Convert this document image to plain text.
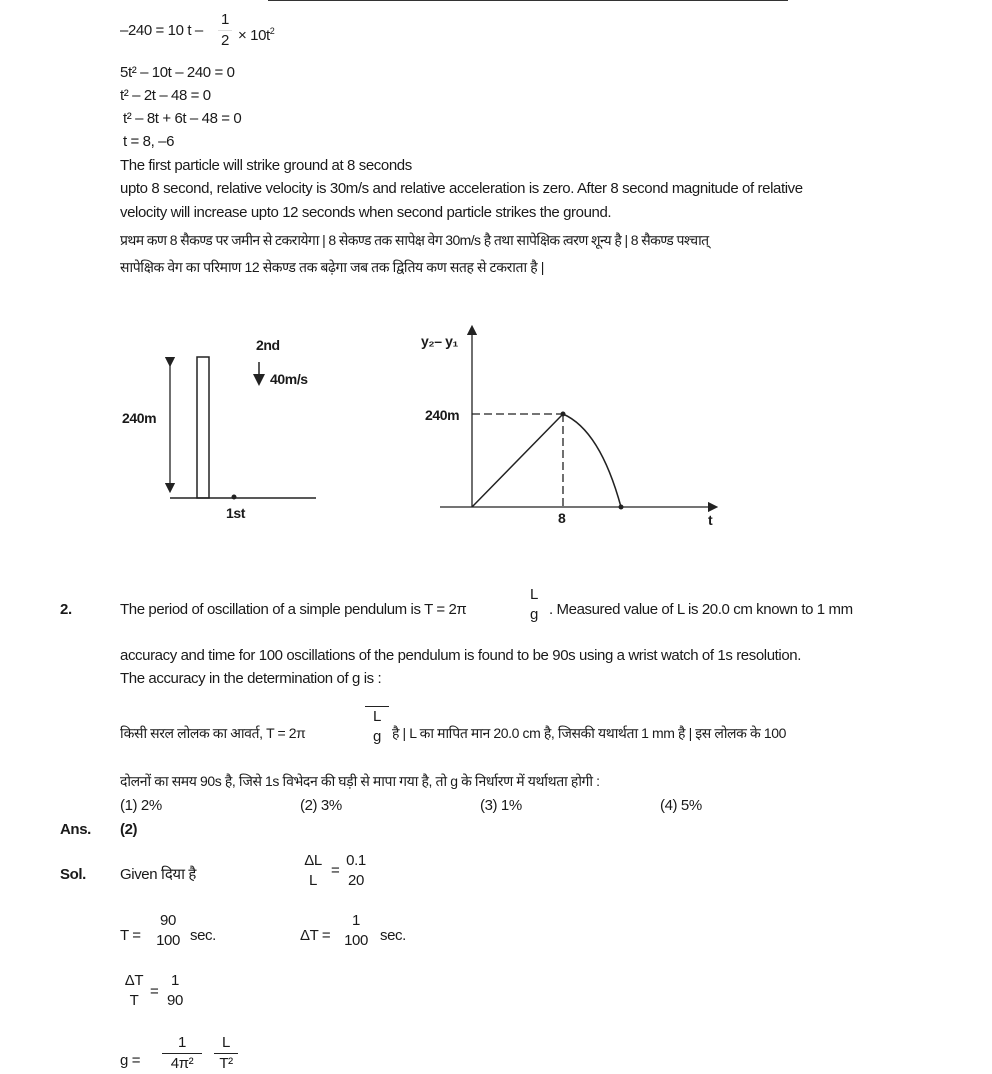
–240 = 10 $t - \frac{1}{2} \times 10t^2$
5t² – 10t – 240 = 0
t² – 2t – 48 = 0
t² – 8t + 6t – 48 = 0
t = 8, –6
The first particle will strike ground at 8 seconds
upto 8 second, relative velocity is 30m/s and relative acceleration is zero. After 8 second magnitude of relative
velocity will increase upto 12 seconds when second particle strikes the ground.
प्रथम कण 8 सैकण्ड पर जमीन से टकरायेगा | 8 सेकण्ड तक सापेक्ष वेग 30m/s है तथा सापेक्षिक त्वरण शून्य है | 8 सैकण्ड पश्चात्
सापेक्षिक वेग का परिमाण 12 सेकण्ड तक बढ़ेगा जब तक द्वितिय कण सतह से टकराता है |
240m
2nd
40m/s
1st
y₂– y₁
240m
8	t
2.	The period of oscillation of a simple pendulum is T = 2π
L
g . Measured value of L is 20.0 cm known to 1 mm
accuracy and time for 100 oscillations of the pendulum is found to be 90s using a wrist watch of 1s resolution.
The accuracy in the determination of g is :
किसी सरल लोलक का आवर्त, T = 2π
L
g है | L का मापित मान 20.0 cm है, जिसकी यथार्थता 1 mm है | इस लोलक के 100
दोलनों का समय 90s है, जिसे 1s विभेदन की घड़ी से मापा गया है, तो g के निर्धारण में यर्थाथता होगी :
(1) 2%	(2) 3%	(3) 1%	(4) 5%
Ans. (2)
Sol. Given दिया है
ΔL
L
=
0.1
20
T =
90
100 sec.	ΔT =
1
100 sec.
ΔT
T
=
1
90
$g = \frac{1}{\text{4π²}} \frac{L}{\text{T²}}$
